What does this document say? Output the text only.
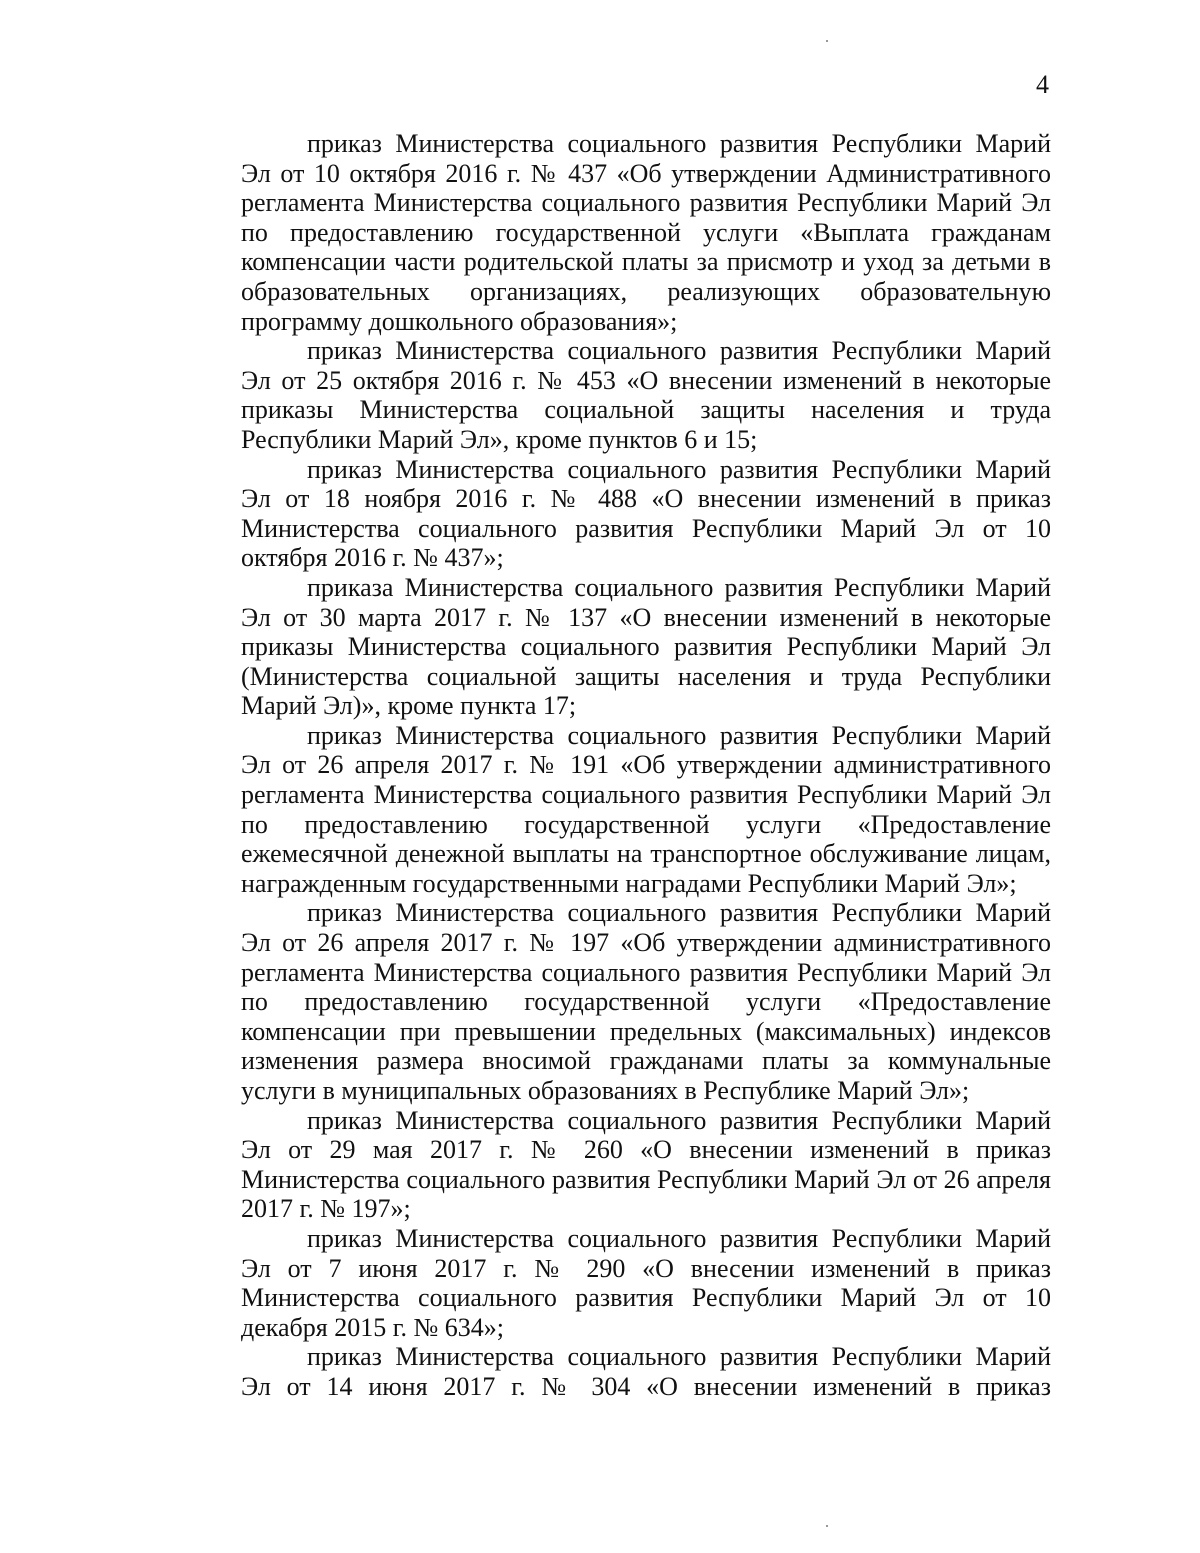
4

приказ Министерства социального развития Республики Марий Эл от 10 октября 2016 г. № 437 «Об утверждении Административного регламента Министерства социального развития Республики Марий Эл по предоставлению государственной услуги «Выплата гражданам компенсации части родительской платы за присмотр и уход за детьми в образовательных организациях, реализующих образовательную программу дошкольного образования»;

приказ Министерства социального развития Республики Марий Эл от 25 октября 2016 г. № 453 «О внесении изменений в некоторые приказы Министерства социальной защиты населения и труда Республики Марий Эл», кроме пунктов 6 и 15;

приказ Министерства социального развития Республики Марий Эл от 18 ноября 2016 г. № 488 «О внесении изменений в приказ Министерства социального развития Республики Марий Эл от 10 октября 2016 г. № 437»;

приказа Министерства социального развития Республики Марий Эл от 30 марта 2017 г. № 137 «О внесении изменений в некоторые приказы Министерства социального развития Республики Марий Эл (Министерства социальной защиты населения и труда Республики Марий Эл)», кроме пункта 17;

приказ Министерства социального развития Республики Марий Эл от 26 апреля 2017 г. № 191 «Об утверждении административного регламента Министерства социального развития Республики Марий Эл по предоставлению государственной услуги «Предоставление ежемесячной денежной выплаты на транспортное обслуживание лицам, награжденным государственными наградами Республики Марий Эл»;

приказ Министерства социального развития Республики Марий Эл от 26 апреля 2017 г. № 197 «Об утверждении административного регламента Министерства социального развития Республики Марий Эл по предоставлению государственной услуги «Предоставление компенсации при превышении предельных (максимальных) индексов изменения размера вносимой гражданами платы за коммунальные услуги в муниципальных образованиях в Республике Марий Эл»;

приказ Министерства социального развития Республики Марий Эл от 29 мая 2017 г. № 260 «О внесении изменений в приказ Министерства социального развития Республики Марий Эл от 26 апреля 2017 г. № 197»;

приказ Министерства социального развития Республики Марий Эл от 7 июня 2017 г. № 290 «О внесении изменений в приказ Министерства социального развития Республики Марий Эл от 10 декабря 2015 г. № 634»;

приказ Министерства социального развития Республики Марий Эл от 14 июня 2017 г. № 304 «О внесении изменений в приказ
